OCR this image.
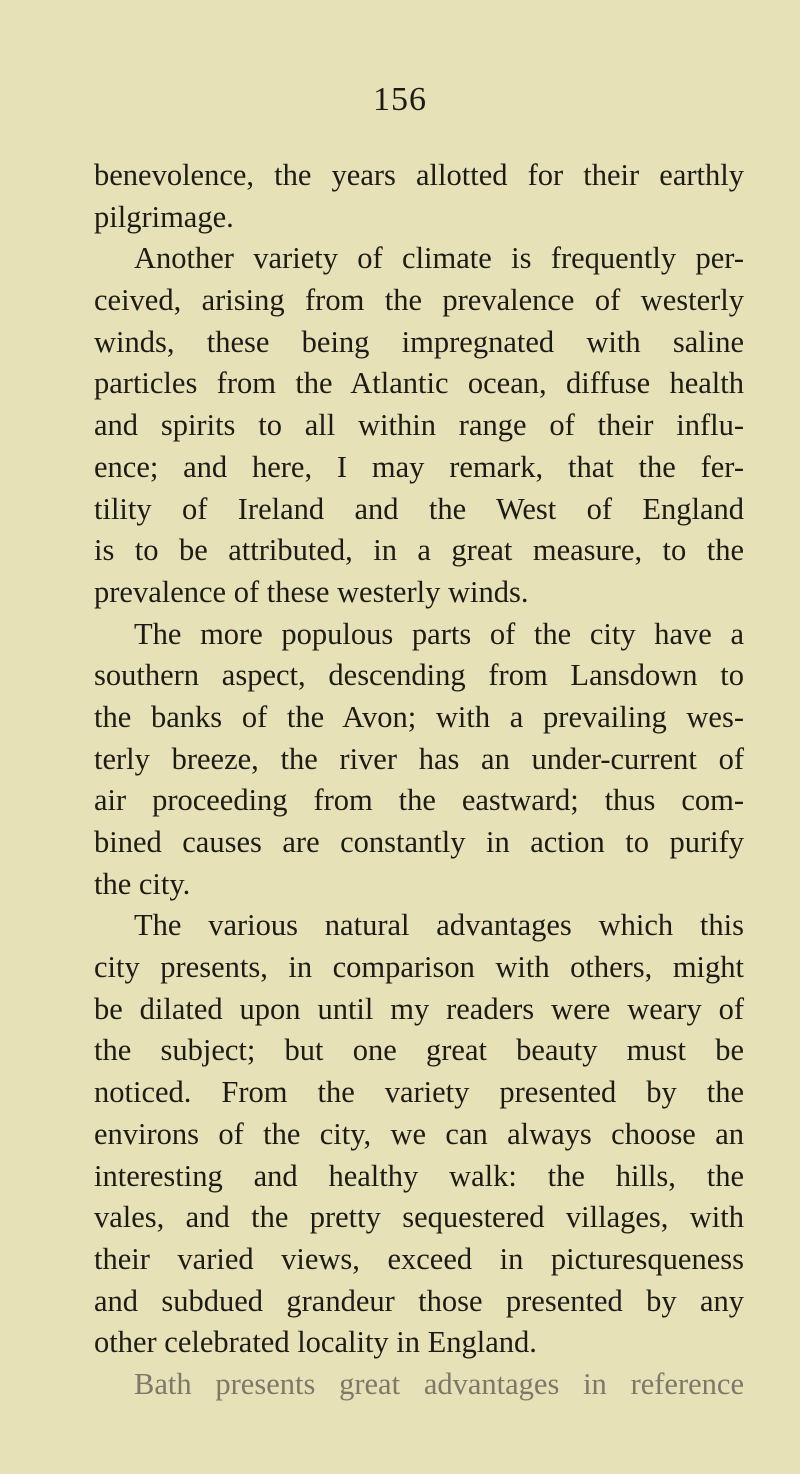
156
benevolence, the years allotted for their earthly
pilgrimage.
Another variety of climate is frequently per-
ceived, arising from the prevalence of westerly
winds, these being impregnated with saline
particles from the Atlantic ocean, diffuse health
and spirits to all within range of their influ-
ence; and here, I may remark, that the fer-
tility of Ireland and the West of England
is to be attributed, in a great measure, to the
prevalence of these westerly winds.
The more populous parts of the city have a
southern aspect, descending from Lansdown to
the banks of the Avon; with a prevailing wes-
terly breeze, the river has an under-current of
air proceeding from the eastward; thus com-
bined causes are constantly in action to purify
the city.
The various natural advantages which this
city presents, in comparison with others, might
be dilated upon until my readers were weary of
the subject; but one great beauty must be
noticed. From the variety presented by the
environs of the city, we can always choose an
interesting and healthy walk: the hills, the
vales, and the pretty sequestered villages, with
their varied views, exceed in picturesqueness
and subdued grandeur those presented by any
other celebrated locality in England.
Bath presents great advantages in reference
